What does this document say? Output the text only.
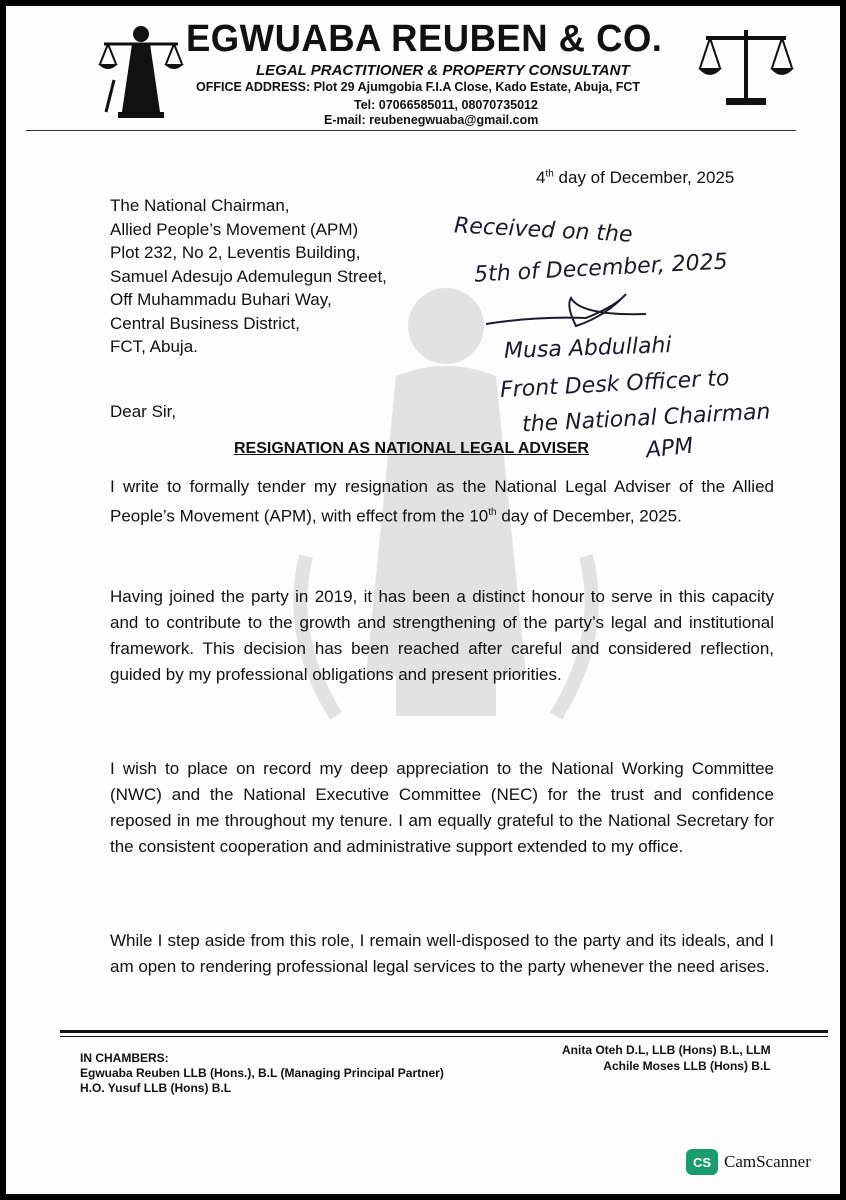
EGWUABA REUBEN & CO.
LEGAL PRACTITIONER & PROPERTY CONSULTANT
OFFICE ADDRESS: Plot 29 Ajumgobia F.I.A Close, Kado Estate, Abuja, FCT
Tel: 07066585011, 08070735012
E-mail: reubenegwuaba@gmail.com
4th day of December, 2025
The National Chairman,
Allied People’s Movement (APM)
Plot 232, No 2, Leventis Building,
Samuel Adesujo Ademulegun Street,
Off Muhammadu Buhari Way,
Central Business District,
FCT, Abuja.
Received on the
5th of December, 2025
Musa Abdullahi
Front Desk Officer to
the National Chairman
APM
Dear Sir,
RESIGNATION AS NATIONAL LEGAL ADVISER
I write to formally tender my resignation as the National Legal Adviser of the Allied People’s Movement (APM), with effect from the 10th day of December, 2025.
Having joined the party in 2019, it has been a distinct honour to serve in this capacity and to contribute to the growth and strengthening of the party’s legal and institutional framework. This decision has been reached after careful and considered reflection, guided by my professional obligations and present priorities.
I wish to place on record my deep appreciation to the National Working Committee (NWC) and the National Executive Committee (NEC) for the trust and confidence reposed in me throughout my tenure. I am equally grateful to the National Secretary for the consistent cooperation and administrative support extended to my office.
While I step aside from this role, I remain well-disposed to the party and its ideals, and I am open to rendering professional legal services to the party whenever the need arises.
IN CHAMBERS:
Egwuaba Reuben LLB (Hons.), B.L (Managing Principal Partner)
H.O. Yusuf LLB (Hons) B.L
Anita Oteh D.L, LLB (Hons) B.L, LLM
Achile Moses LLB (Hons) B.L
CS CamScanner
